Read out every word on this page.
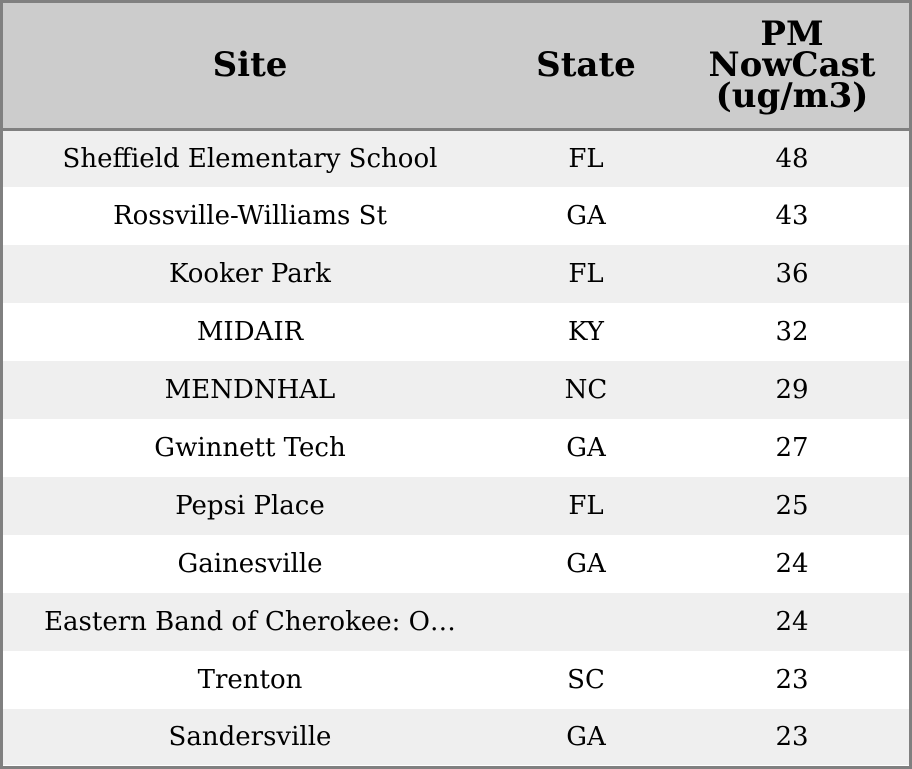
Site	State	PM NowCast (ug/m3)
Sheffield Elementary School	FL	48
Rossville-Williams St	GA	43
Kooker Park	FL	36
MIDAIR	KY	32
MENDNHAL	NC	29
Gwinnett Tech	GA	27
Pepsi Place	FL	25
Gainesville	GA	24
Eastern Band of Cherokee: O…		24
Trenton	SC	23
Sandersville	GA	23
